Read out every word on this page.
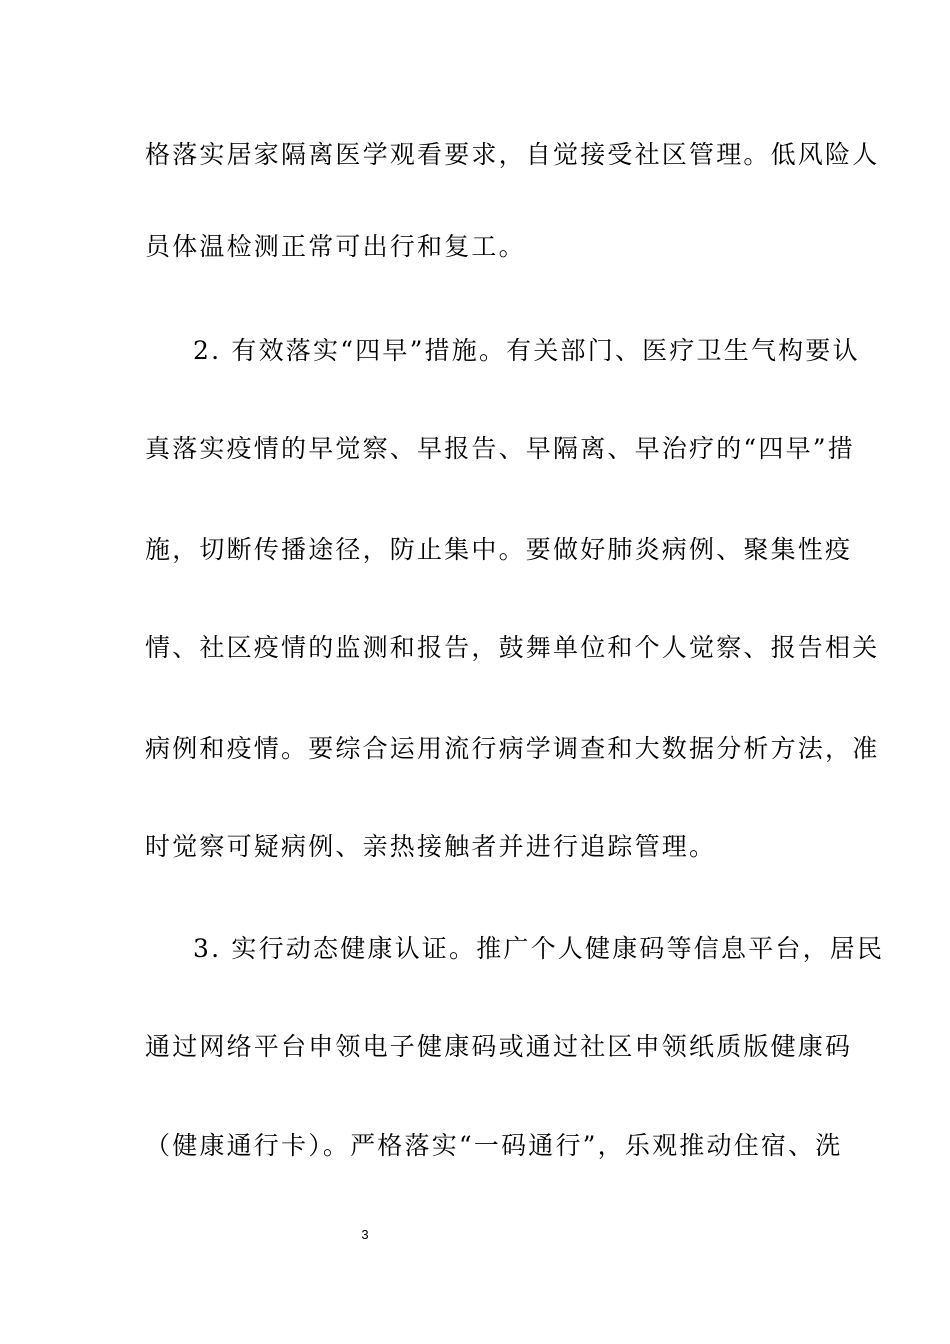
格落实居家隔离医学观看要求，自觉接受社区管理。低风险人
员体温检测正常可出行和复工。
2. 有效落实“四早”措施。有关部门、医疗卫生气构要认
真落实疫情的早觉察、早报告、早隔离、早治疗的“四早”措
施，切断传播途径，防止集中。要做好肺炎病例、聚集性疫
情、社区疫情的监测和报告，鼓舞单位和个人觉察、报告相关
病例和疫情。要综合运用流行病学调查和大数据分析方法，准
时觉察可疑病例、亲热接触者并进行追踪管理。
3. 实行动态健康认证。推广个人健康码等信息平台，居民
通过网络平台申领电子健康码或通过社区申领纸质版健康码
（健康通行卡）。严格落实“一码通行”，乐观推动住宿、洗
3
